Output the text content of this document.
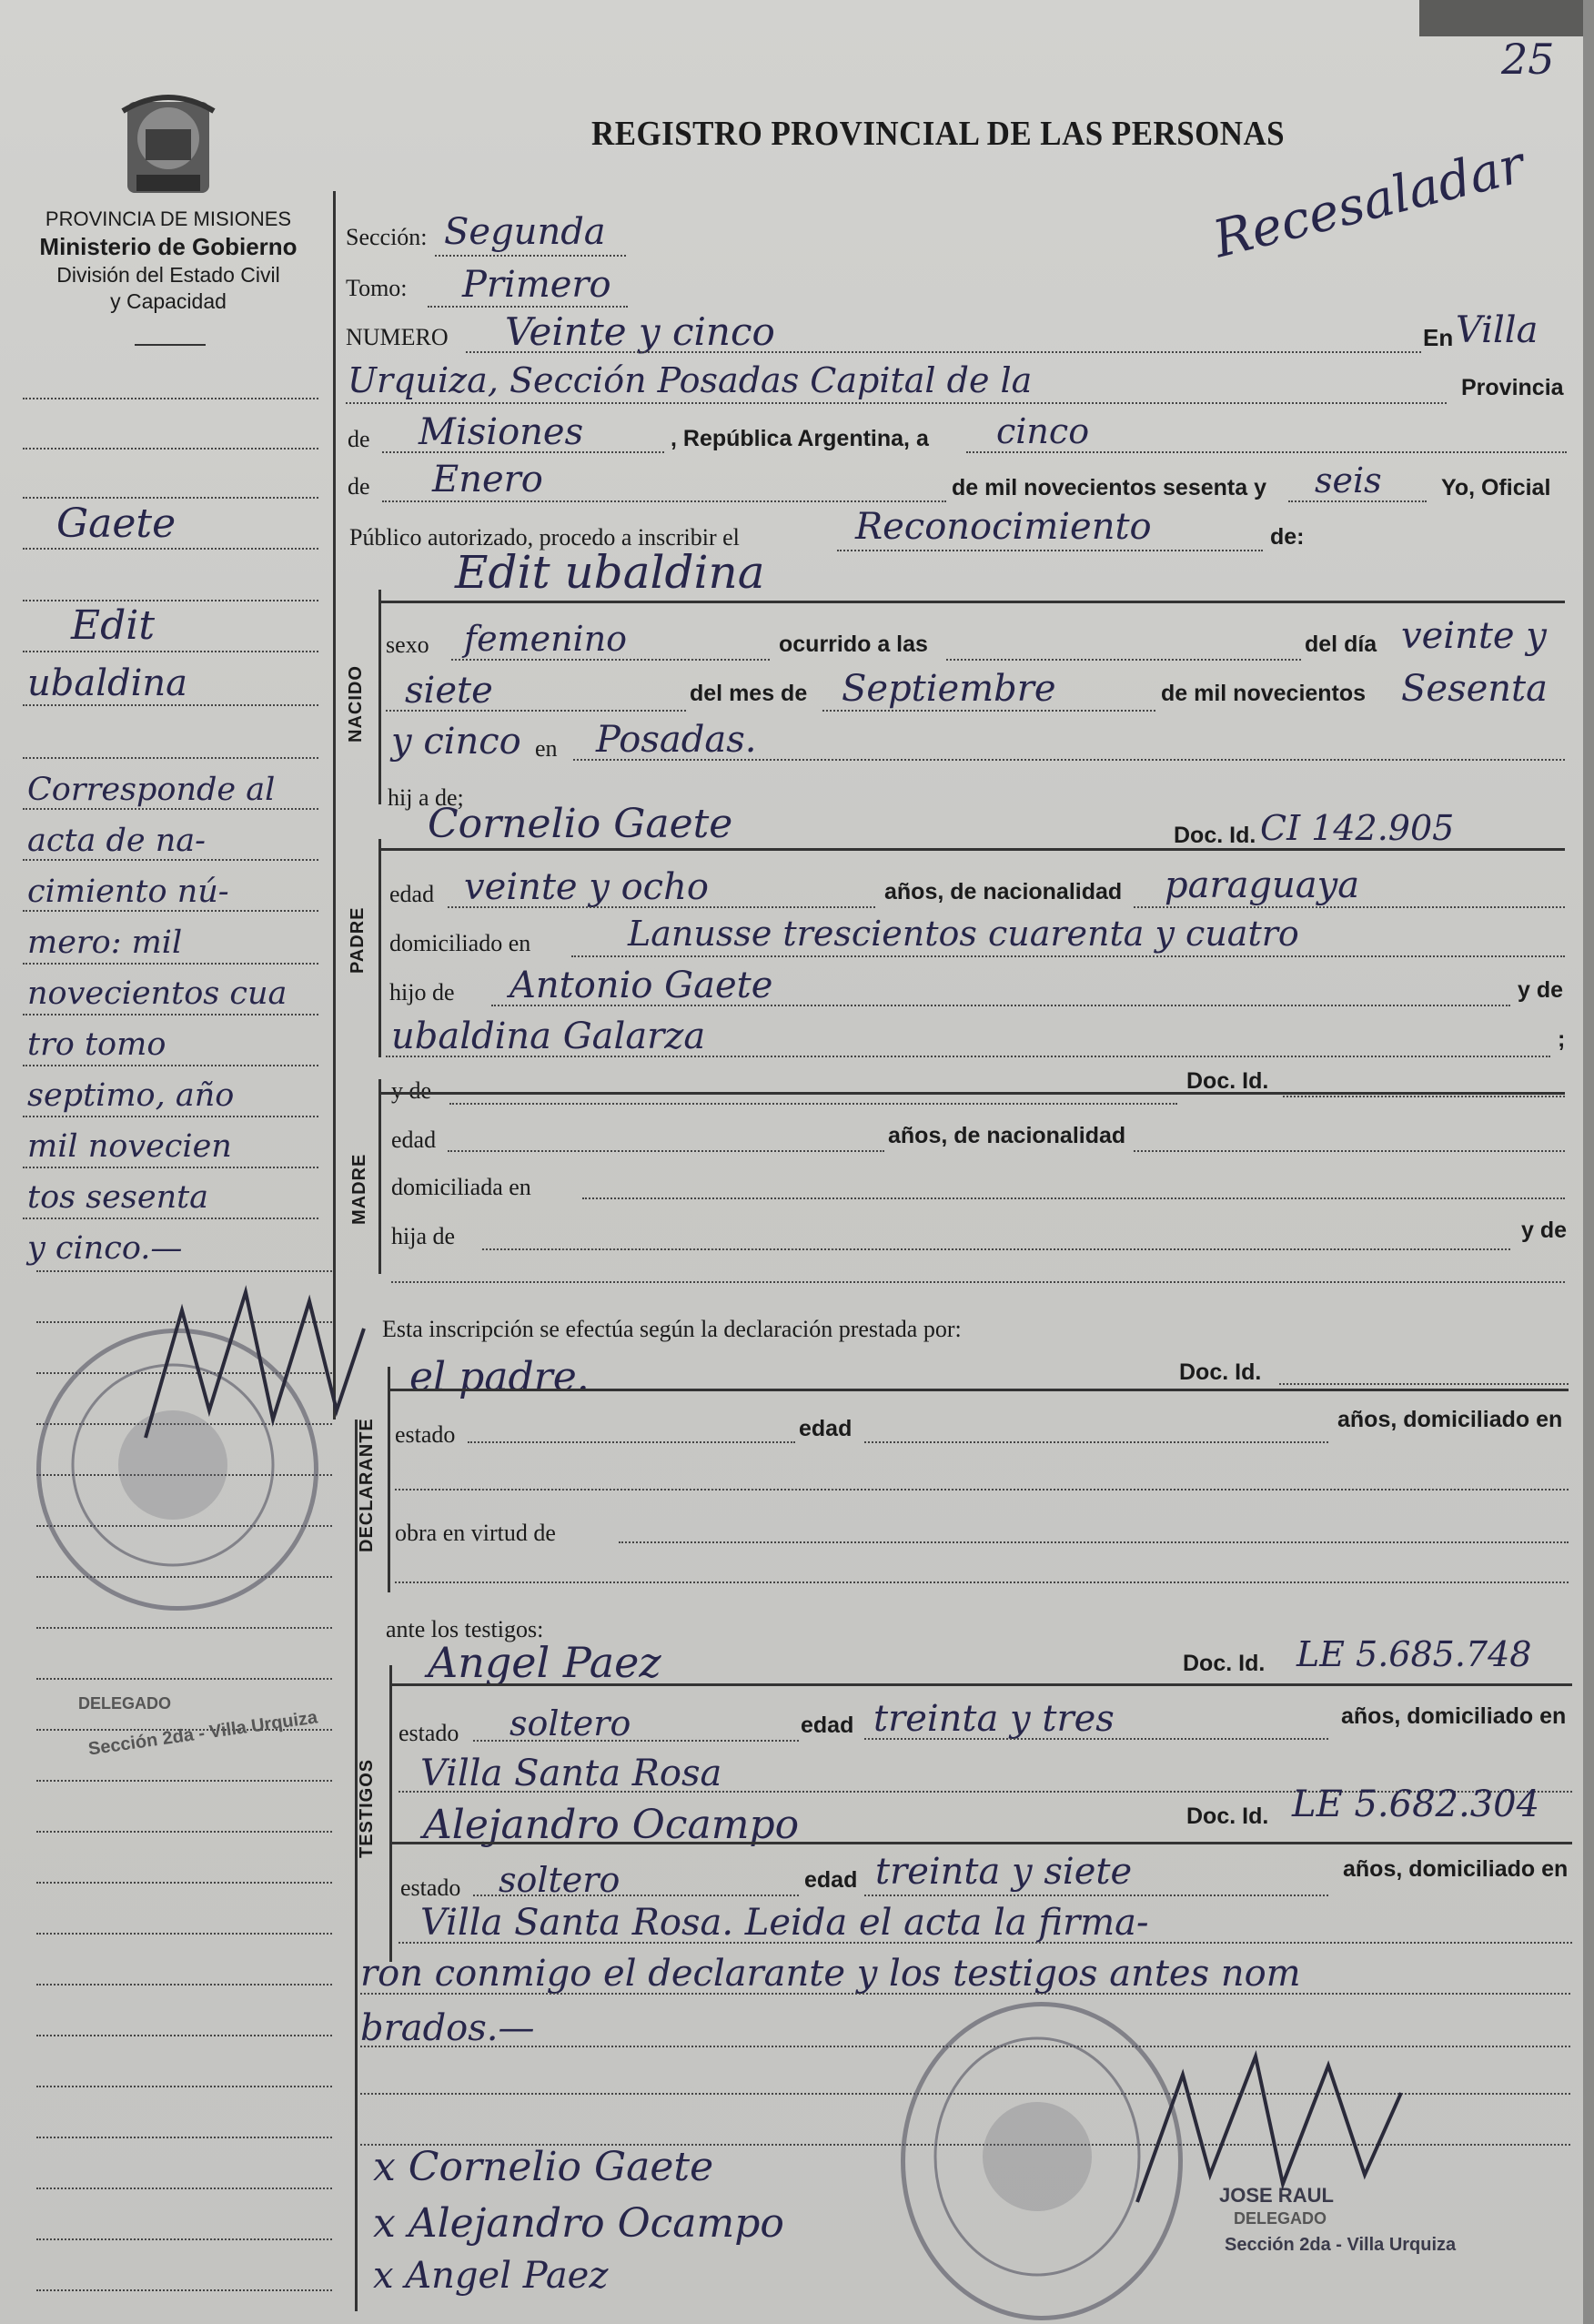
25
PROVINCIA DE MISIONES
Ministerio de Gobierno
División del Estado Civil
y Capacidad
REGISTRO PROVINCIAL DE LAS PERSONAS
Recesaladar
Gaete
Edit
ubaldina
Corresponde al
acta de na-
cimiento nú-
mero: mil
novecientos cua
tro tomo
septimo, año
mil novecien
tos sesenta
y cinco.—
Sección: Segunda
Tomo: Primero
NUMERO Veinte y cinco	En Villa
Urquiza, Sección Posadas Capital de la	Provincia
de Misiones	, República Argentina, a cinco
de Enero	de mil novecientos sesenta y seis	Yo, Oficial
Público autorizado, procedo a inscribir el	Reconocimiento	de:
Edit ubaldina
NACIDO
sexo femenino	ocurrido a las	del día veinte y
siete	del mes de Septiembre	de mil novecientos Sesenta
y cinco en Posadas.
hij a de;
PADRE
Cornelio Gaete	Doc. Id. CI 142.905
edad veinte y ocho	años, de nacionalidad paraguaya
domiciliado en	Lanusse trescientos cuarenta y cuatro
hijo de Antonio Gaete	y de
ubaldina Galarza	;
MADRE
y de	Doc. Id.
edad	años, de nacionalidad
domiciliada en
hija de	y de
Esta inscripción se efectúa según la declaración prestada por:
DECLARANTE
el padre.	Doc. Id.
estado	edad	años, domiciliado en
obra en virtud de
ante los testigos:
TESTIGOS
Angel Paez	Doc. Id. LE 5.685.748
estado soltero	edad treinta y tres	años, domiciliado en
Villa Santa Rosa
Alejandro Ocampo	Doc. Id. LE 5.682.304
estado soltero	edad treinta y siete	años, domiciliado en
Villa Santa Rosa. Leida el acta la firma-
ron conmigo el declarante y los testigos antes nom
brados.—
x Cornelio Gaete
x Alejandro Ocampo
x Angel Paez
JOSE RAUL
DELEGADO
Sección 2da - Villa Urquiza
DELEGADO
Sección 2da - Villa Urquiza
